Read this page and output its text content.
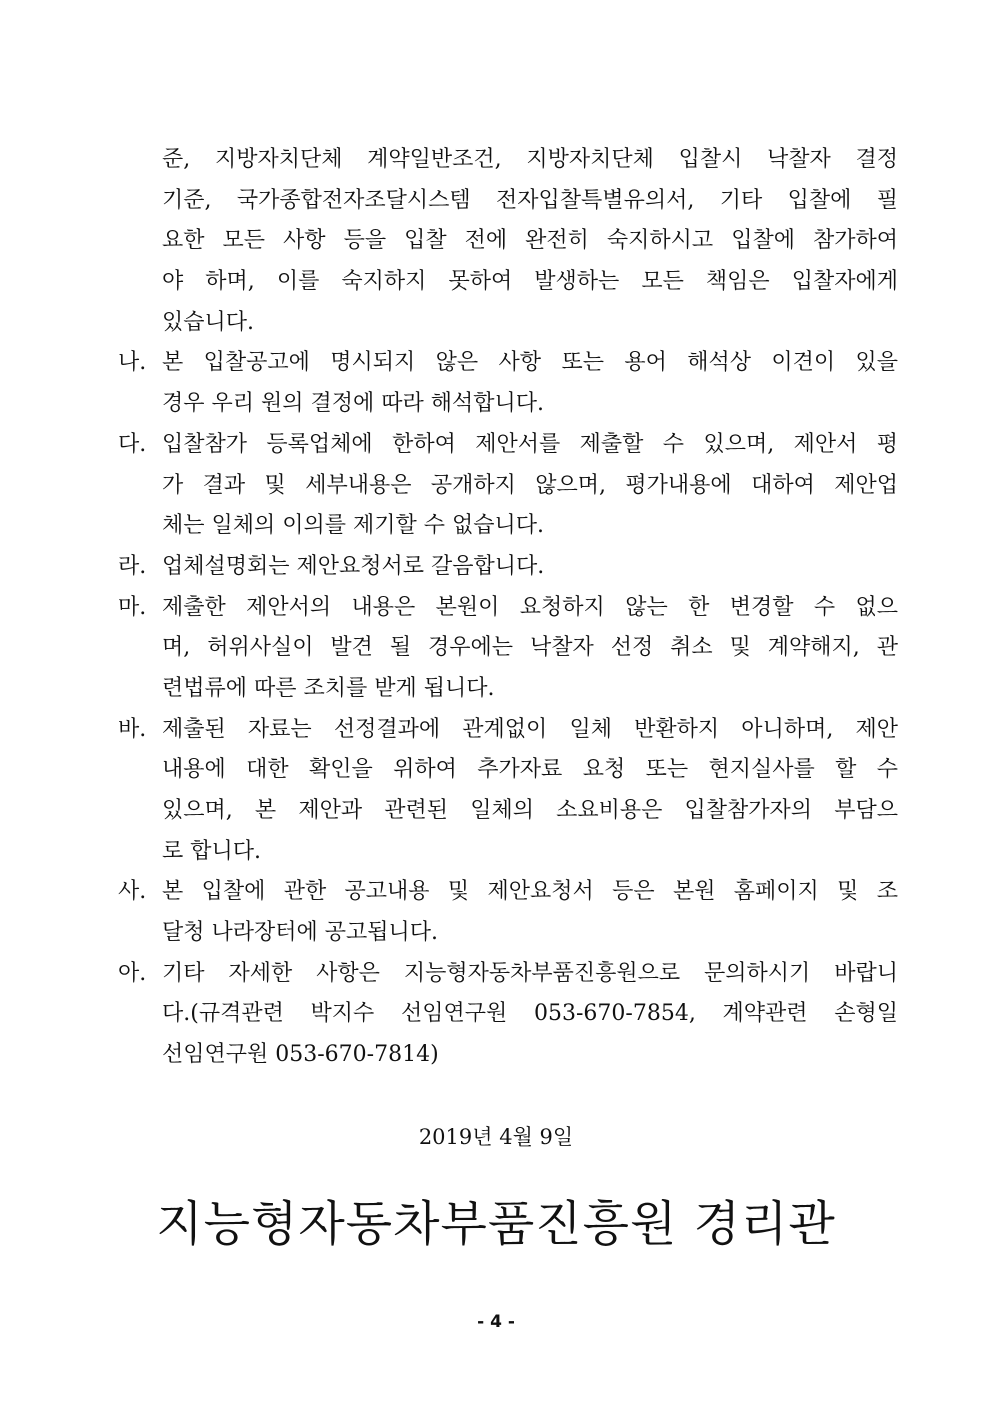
준, 지방자치단체 계약일반조건, 지방자치단체 입찰시 낙찰자 결정
기준, 국가종합전자조달시스템 전자입찰특별유의서, 기타 입찰에 필
요한 모든 사항 등을 입찰 전에 완전히 숙지하시고 입찰에 참가하여
야 하며, 이를 숙지하지 못하여 발생하는 모든 책임은 입찰자에게
있습니다.
나. 본 입찰공고에 명시되지 않은 사항 또는 용어 해석상 이견이 있을
경우 우리 원의 결정에 따라 해석합니다.
다. 입찰참가 등록업체에 한하여 제안서를 제출할 수 있으며, 제안서 평
가 결과 및 세부내용은 공개하지 않으며, 평가내용에 대하여 제안업
체는 일체의 이의를 제기할 수 없습니다.
라. 업체설명회는 제안요청서로 갈음합니다.
마. 제출한 제안서의 내용은 본원이 요청하지 않는 한 변경할 수 없으
며, 허위사실이 발견 될 경우에는 낙찰자 선정 취소 및 계약해지, 관
련법류에 따른 조치를 받게 됩니다.
바. 제출된 자료는 선정결과에 관계없이 일체 반환하지 아니하며, 제안
내용에 대한 확인을 위하여 추가자료 요청 또는 현지실사를 할 수
있으며, 본 제안과 관련된 일체의 소요비용은 입찰참가자의 부담으
로 합니다.
사. 본 입찰에 관한 공고내용 및 제안요청서 등은 본원 홈페이지 및 조
달청 나라장터에 공고됩니다.
아. 기타 자세한 사항은 지능형자동차부품진흥원으로 문의하시기 바랍니
다.(규격관련 박지수 선임연구원 053-670-7854, 계약관련 손형일
선임연구원 053-670-7814)
2019년 4월 9일
지능형자동차부품진흥원 경리관
- 4 -
